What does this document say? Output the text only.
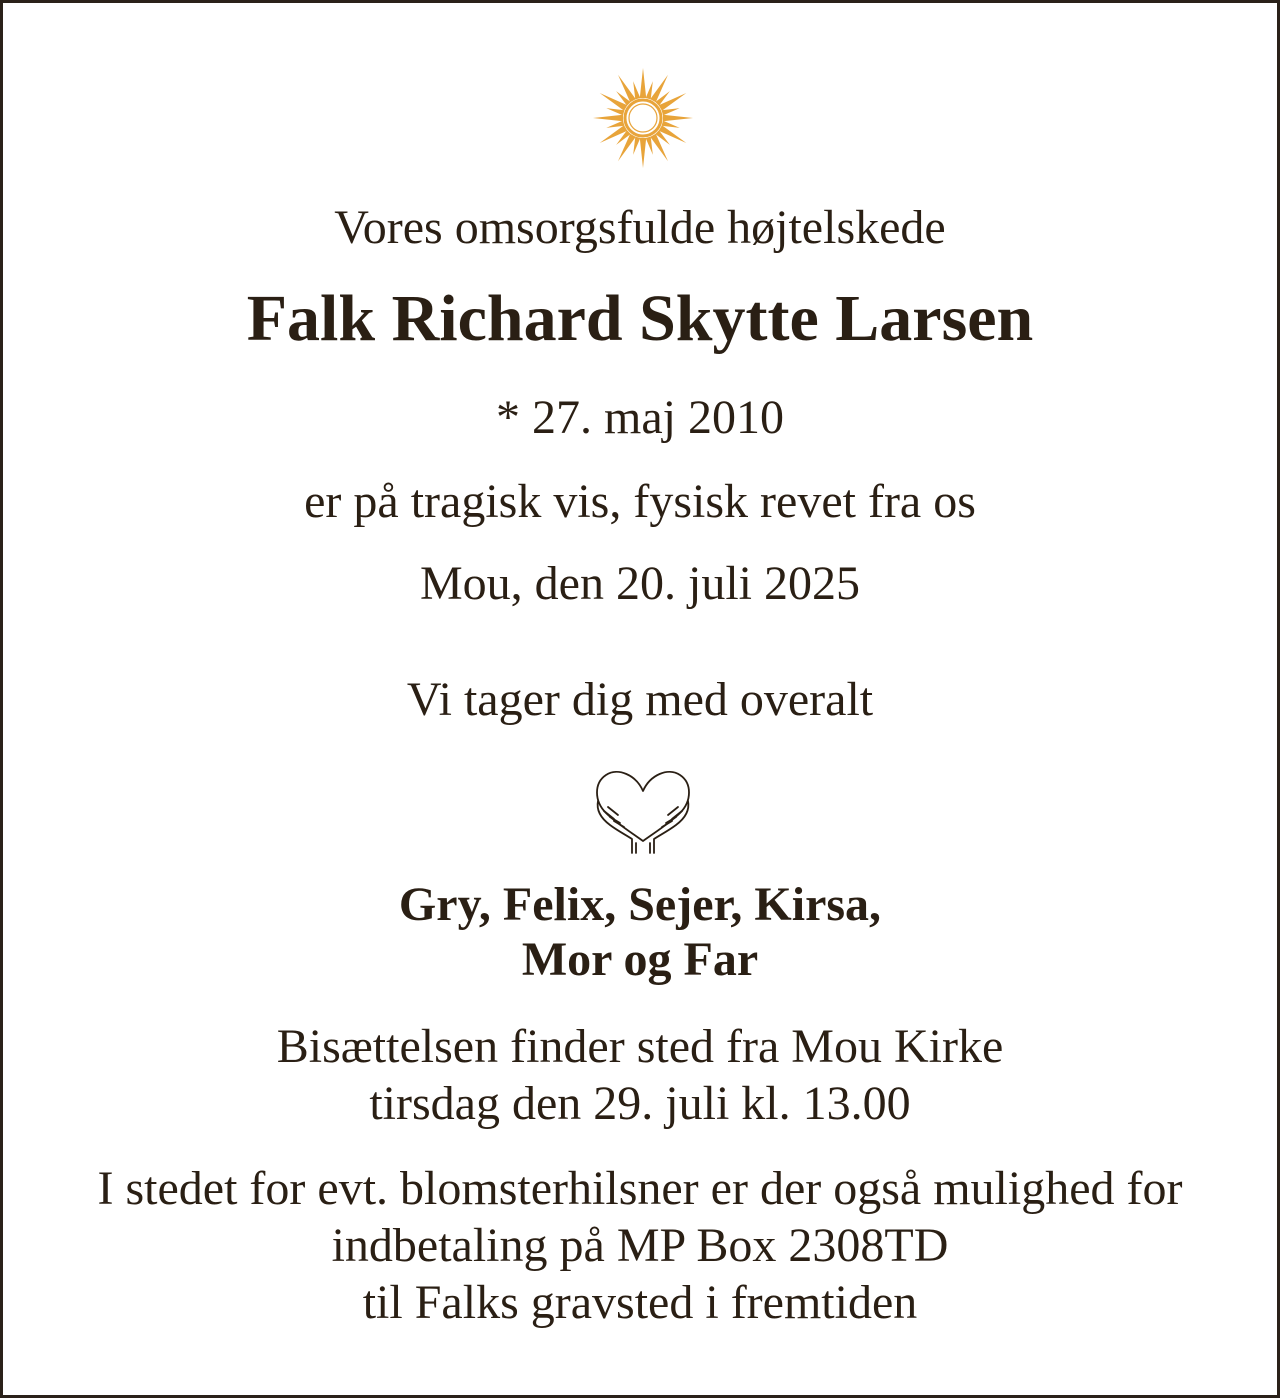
Vores omsorgsfulde højtelskede
Falk Richard Skytte Larsen
* 27. maj 2010
er på tragisk vis, fysisk revet fra os
Mou, den 20. juli 2025
Vi tager dig med overalt
Gry, Felix, Sejer, Kirsa,
Mor og Far
Bisættelsen finder sted fra Mou Kirke
tirsdag den 29. juli kl. 13.00
I stedet for evt. blomsterhilsner er der også mulighed for
indbetaling på MP Box 2308TD
til Falks gravsted i fremtiden
